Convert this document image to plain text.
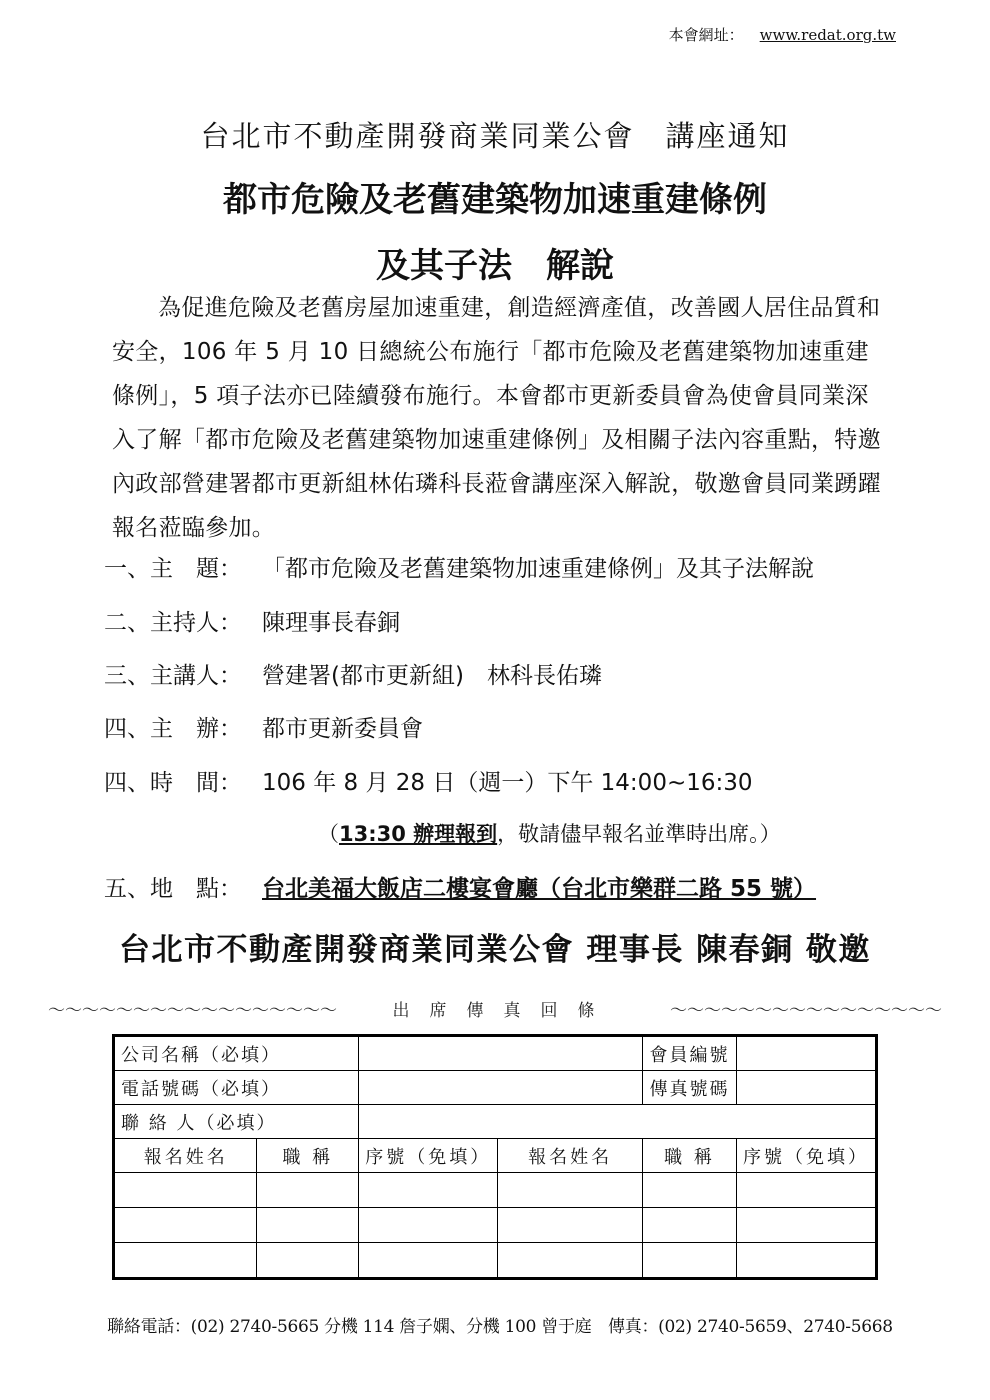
本會網址： www.redat.org.tw
台北市不動產開發商業同業公會　講座通知
都市危險及老舊建築物加速重建條例
及其子法　解說
為促進危險及老舊房屋加速重建，創造經濟產值，改善國人居住品質和安全，106 年 5 月 10 日總統公布施行「都市危險及老舊建築物加速重建條例」，5 項子法亦已陸續發布施行。本會都市更新委員會為使會員同業深入了解「都市危險及老舊建築物加速重建條例」及相關子法內容重點，特邀內政部營建署都市更新組林佑璘科長蒞會講座深入解說，敬邀會員同業踴躍報名蒞臨參加。
一、主　題： 「都市危險及老舊建築物加速重建條例」及其子法解說
二、主持人： 陳理事長春銅
三、主講人： 營建署(都市更新組)　林科長佑璘
四、主　辦： 都市更新委員會
四、時　間： 106 年 8 月 28 日（週一）下午 14:00~16:30
（13:30 辦理報到，敬請儘早報名並準時出席。）
五、地　點： 台北美福大飯店二樓宴會廳（台北市樂群二路 55 號）
台北市不動產開發商業同業公會 理事長 陳春銅 敬邀
～～～～～～～～～～～～～～～～～	出席傳真回條	～～～～～～～～～～～～～～～～
公司名稱（必填）				會員編號	
電話號碼（必填）				傳真號碼	
聯 絡 人（必填）					
報名姓名	職 稱	序號（免填）	報名姓名	職 稱	序號（免填）

聯絡電話：(02) 2740-5665 分機 114 詹子嫻、分機 100 曾于庭　傳真：(02) 2740-5659、2740-5668
